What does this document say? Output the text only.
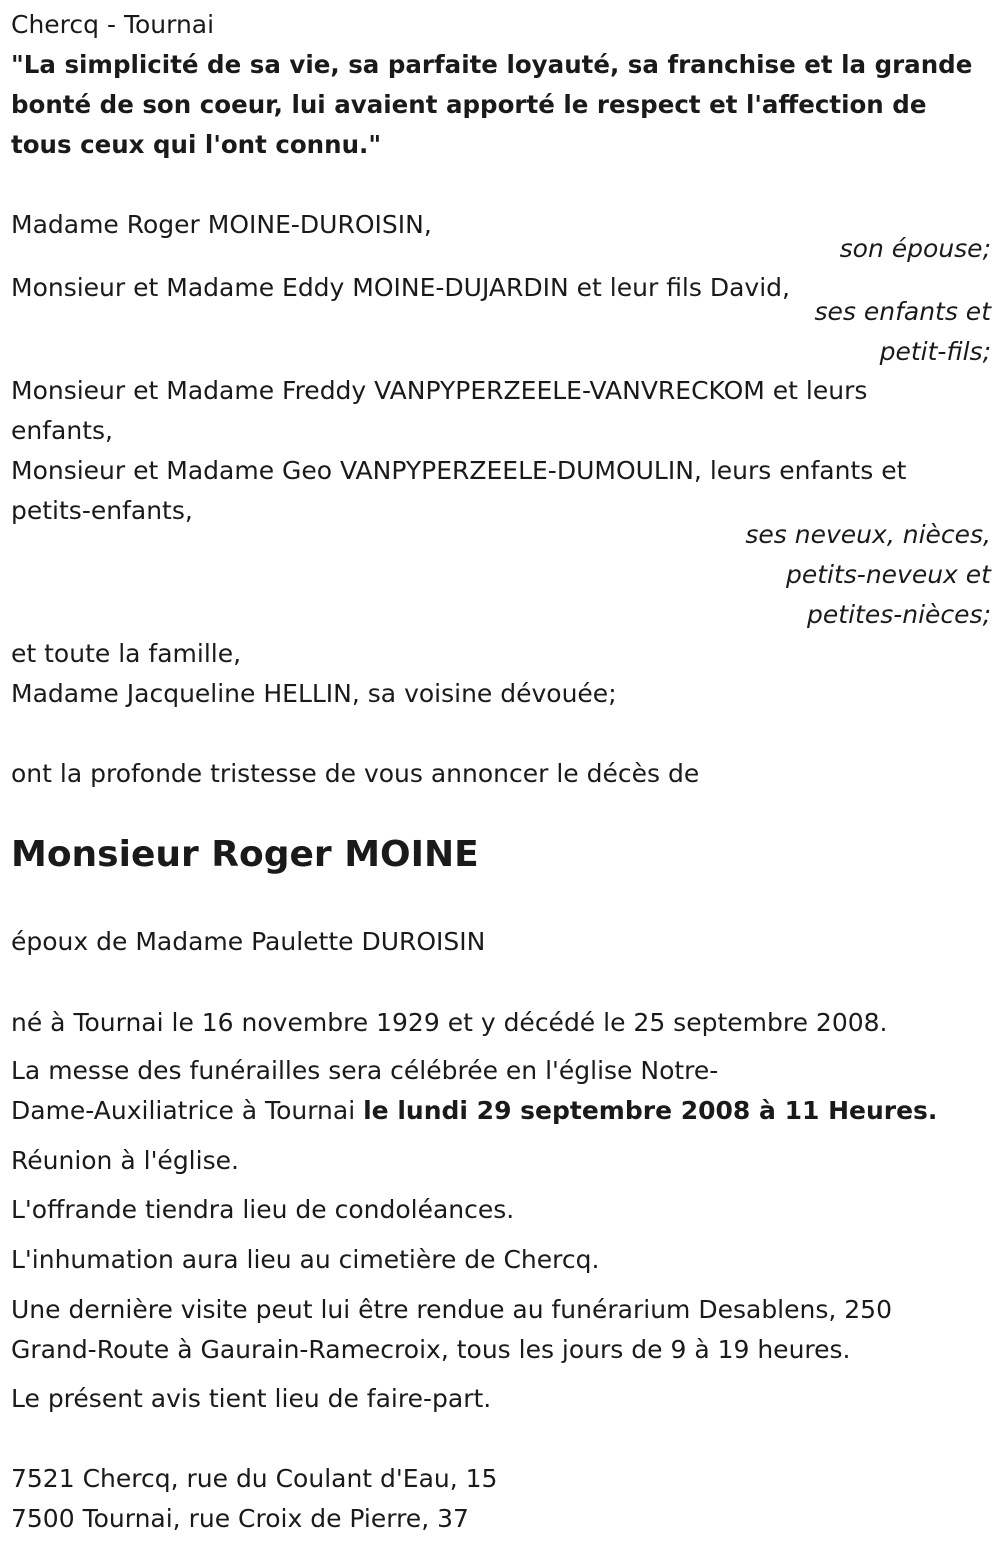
Chercq - Tournai
"La simplicité de sa vie, sa parfaite loyauté, sa franchise et la grande
bonté de son coeur, lui avaient apporté le respect et l'affection de
tous ceux qui l'ont connu."
Madame Roger MOINE-DUROISIN,
son épouse;
Monsieur et Madame Eddy MOINE-DUJARDIN et leur fils David,
ses enfants et
petit-fils;
Monsieur et Madame Freddy VANPYPERZEELE-VANVRECKOM et leurs
enfants,
Monsieur et Madame Geo VANPYPERZEELE-DUMOULIN, leurs enfants et
petits-enfants,
ses neveux, nièces,
petits-neveux et
petites-nièces;
et toute la famille,
Madame Jacqueline HELLIN, sa voisine dévouée;
ont la profonde tristesse de vous annoncer le décès de
Monsieur Roger MOINE
époux de Madame Paulette DUROISIN
né à Tournai le 16 novembre 1929 et y décédé le 25 septembre 2008.
La messe des funérailles sera célébrée en l'église Notre-
Dame-Auxiliatrice à Tournai le lundi 29 septembre 2008 à 11 Heures.
Réunion à l'église.
L'offrande tiendra lieu de condoléances.
L'inhumation aura lieu au cimetière de Chercq.
Une dernière visite peut lui être rendue au funérarium Desablens, 250
Grand-Route à Gaurain-Ramecroix, tous les jours de 9 à 19 heures.
Le présent avis tient lieu de faire-part.
7521 Chercq, rue du Coulant d'Eau, 15
7500 Tournai, rue Croix de Pierre, 37
